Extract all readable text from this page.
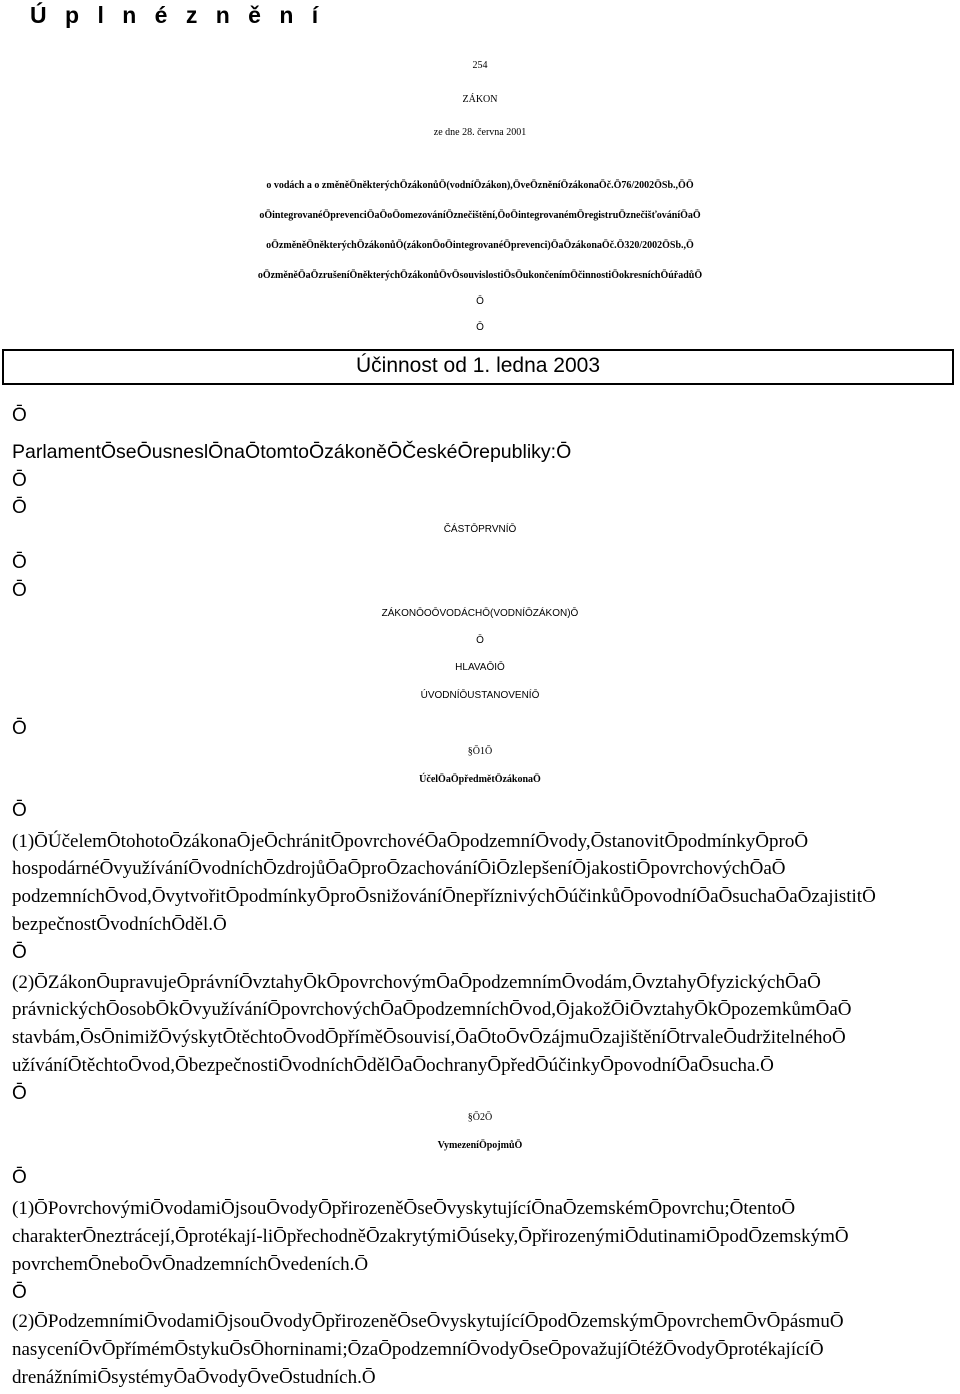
Ú p l n é z n ě n í
254
ZÁKON
ze dne 28. června 2001
o vodách a o změněŌněkterýchŌzákonůŌ(vodníŌzákon),ŌveŌzněníŌzákonaŌč.Ō76/2002ŌSb.,ŌŌ
oŌintegrovanéŌprevenciŌaŌoŌomezováníŌznečištění,ŌoŌintegrovanémŌregistruŌznečišťováníŌaŌ
oŌzměněŌněkterýchŌzákonůŌ(zákonŌoŌintegrovanéŌprevenci)ŌaŌzákonaŌč.Ō320/2002ŌSb.,Ō
oŌzměněŌaŌzrušeníŌněkterýchŌzákonůŌvŌsouvislostiŌsŌukončenímŌčinnostiŌokresníchŌúřadůŌ
Ō
Ō
Účinnost od 1. ledna 2003
Ō
ParlamentŌseŌusneslŌnaŌtomtoŌzákoněŌČeskéŌrepubliky:Ō
Ō
Ō
ČÁSTŌPRVNÍŌ
Ō
Ō
ZÁKONŌOŌVODÁCHŌ(VODNÍŌZÁKON)Ō
Ō
HLAVAŌIŌ
ÚVODNÍŌUSTANOVENÍŌ
Ō
§Ō1Ō
ÚčelŌaŌpředmětŌzákonaŌ
Ō
(1)ŌÚčelemŌtohotoŌzákonaŌjeŌchránitŌpovrchovéŌaŌpodzemníŌvody,ŌstanovitŌpodmínkyŌproŌ
hospodárnéŌvyužíváníŌvodníchŌzdrojůŌaŌproŌzachováníŌiŌzlepšeníŌjakostiŌpovrchovýchŌaŌ
podzemníchŌvod,ŌvytvořitŌpodmínkyŌproŌsnižováníŌnepříznivýchŌúčinkůŌpovodníŌaŌsuchaŌaŌzajistitŌ
bezpečnostŌvodníchŌděl.Ō
Ō
(2)ŌZákonŌupravujeŌprávníŌvztahyŌkŌpovrchovýmŌaŌpodzemnímŌvodám,ŌvztahyŌfyzickýchŌaŌ
právnickýchŌosobŌkŌvyužíváníŌpovrchovýchŌaŌpodzemníchŌvod,ŌjakožŌiŌvztahyŌkŌpozemkůmŌaŌ
stavbám,ŌsŌnimižŌvýskytŌtěchtoŌvodŌpříměŌsouvisí,ŌaŌtoŌvŌzájmuŌzajištěníŌtrvaleŌudržitelnéhoŌ
užíváníŌtěchtoŌvod,ŌbezpečnostiŌvodníchŌdělŌaŌochranyŌpředŌúčinkyŌpovodníŌaŌsucha.Ō
Ō
§Ō2Ō
VymezeníŌpojmůŌ
Ō
(1)ŌPovrchovýmiŌvodamiŌjsouŌvodyŌpřirozeněŌseŌvyskytujícíŌnaŌzemskémŌpovrchu;ŌtentoŌ
charakterŌneztrácejí,Ōprotékají-liŌpřechodněŌzakrytýmiŌúseky,ŌpřirozenýmiŌdutinamiŌpodŌzemskýmŌ
povrchemŌneboŌvŌnadzemníchŌvedeních.Ō
Ō
(2)ŌPodzemnímiŌvodamiŌjsouŌvodyŌpřirozeněŌseŌvyskytujícíŌpodŌzemskýmŌpovrchemŌvŌpásmuŌ
nasyceníŌvŌpřímémŌstykuŌsŌhorninami;ŌzaŌpodzemníŌvodyŌseŌpovažujíŌtéžŌvodyŌprotékajícíŌ
drenážnímiŌsystémyŌaŌvodyŌveŌstudních.Ō
